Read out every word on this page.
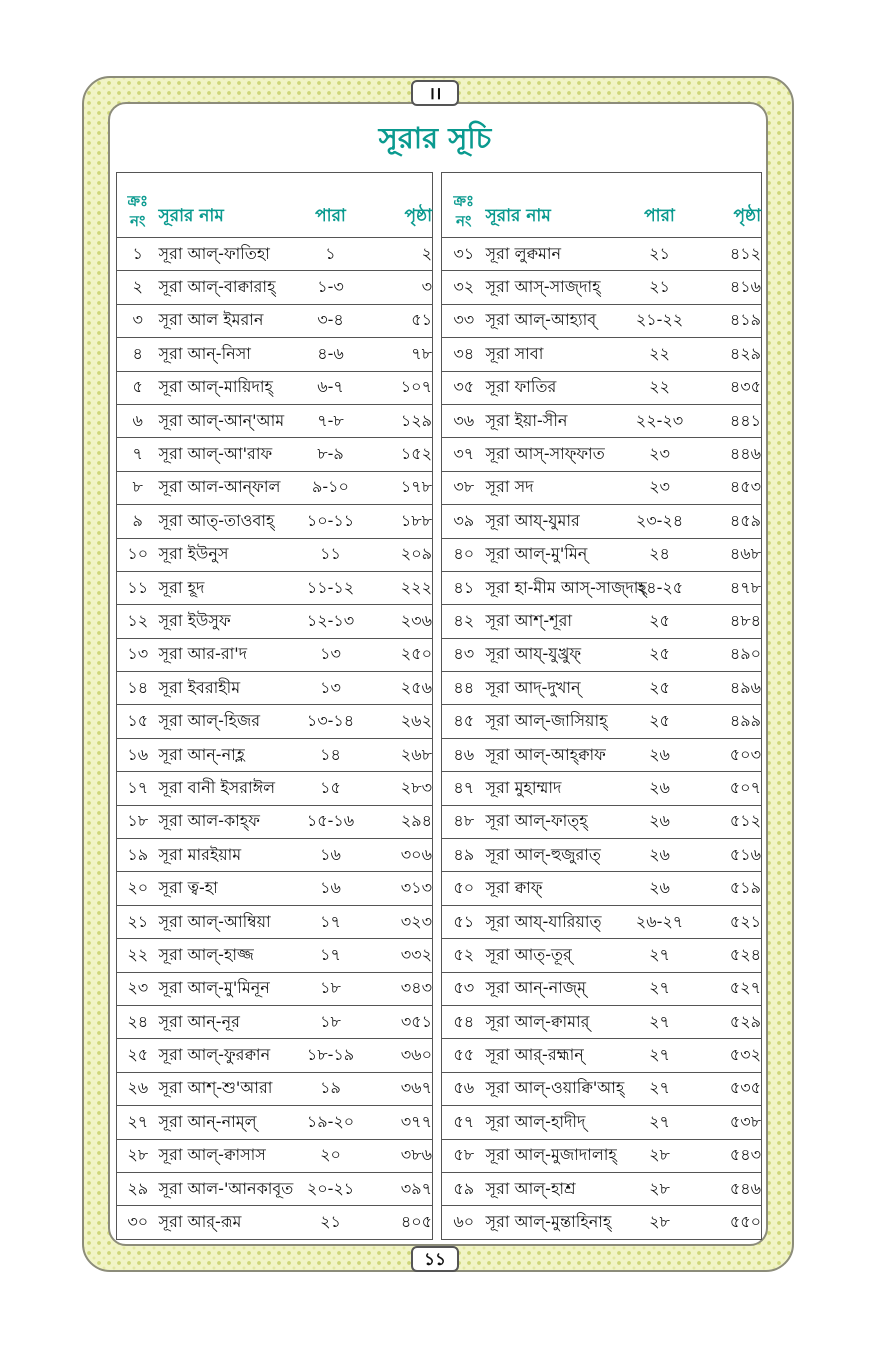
।।
সূরার সূচি
ক্রঃ
নং	সূরার নাম	পারা	পৃষ্ঠা
১	সূরা আল্-ফাতিহা	১	২
২	সূরা আল্-বাক্বারাহ্	১-৩	৩
৩	সূরা আল ইমরান	৩-৪	৫১
৪	সূরা আন্-নিসা	৪-৬	৭৮
৫	সূরা আল্-মায়িদাহ্	৬-৭	১০৭
৬	সূরা আল্-আন্'আম	৭-৮	১২৯
৭	সূরা আল্-আ'রাফ	৮-৯	১৫২
৮	সূরা আল-আন্ফাল	৯-১০	১৭৮
৯	সূরা আত্-তাওবাহ্	১০-১১	১৮৮
১০	সূরা ইউনুস	১১	২০৯
১১	সূরা হূদ	১১-১২	২২২
১২	সূরা ইউসুফ	১২-১৩	২৩৬
১৩	সূরা আর-রা'দ	১৩	২৫০
১৪	সূরা ইবরাহীম	১৩	২৫৬
১৫	সূরা আল্-হিজর	১৩-১৪	২৬২
১৬	সূরা আন্-নাহ্ল	১৪	২৬৮
১৭	সূরা বানী ইসরাঈল	১৫	২৮৩
১৮	সূরা আল-কাহ্ফ	১৫-১৬	২৯৪
১৯	সূরা মারইয়াম	১৬	৩০৬
২০	সূরা ত্ব-হা	১৬	৩১৩
২১	সূরা আল্-আম্বিয়া	১৭	৩২৩
২২	সূরা আল্-হাজ্জ	১৭	৩৩২
২৩	সূরা আল্-মু'মিনূন	১৮	৩৪৩
২৪	সূরা আন্-নূর	১৮	৩৫১
২৫	সূরা আল্-ফুরক্বান	১৮-১৯	৩৬০
২৬	সূরা আশ্-শু'আরা	১৯	৩৬৭
২৭	সূরা আন্-নাম্ল্	১৯-২০	৩৭৭
২৮	সূরা আল্-ক্বাসাস	২০	৩৮৬
২৯	সূরা আল-'আনকাবূত	২০-২১	৩৯৭
৩০	সূরা আর্-রূম	২১	৪০৫
ক্রঃ
নং	সূরার নাম	পারা	পৃষ্ঠা
৩১	সূরা লুক্বমান	২১	৪১২
৩২	সূরা আস্-সাজ্দাহ্	২১	৪১৬
৩৩	সূরা আল্-আহ্যাব্	২১-২২	৪১৯
৩৪	সূরা সাবা	২২	৪২৯
৩৫	সূরা ফাতির	২২	৪৩৫
৩৬	সূরা ইয়া-সীন	২২-২৩	৪৪১
৩৭	সূরা আস্-সাফ্ফাত	২৩	৪৪৬
৩৮	সূরা সদ	২৩	৪৫৩
৩৯	সূরা আয্-যুমার	২৩-২৪	৪৫৯
৪০	সূরা আল্-মু'মিন্	২৪	৪৬৮
৪১	সূরা হা-মীম আস্-সাজ্দাহ্	২৪-২৫	৪৭৮
৪২	সূরা আশ্-শূরা	২৫	৪৮৪
৪৩	সূরা আয্-যুখ্রুফ্	২৫	৪৯০
৪৪	সূরা আদ্-দুখান্	২৫	৪৯৬
৪৫	সূরা আল্-জাসিয়াহ্	২৫	৪৯৯
৪৬	সূরা আল্-আহ্ক্বাফ	২৬	৫০৩
৪৭	সূরা মুহাম্মাদ	২৬	৫০৭
৪৮	সূরা আল্-ফাত্হ্	২৬	৫১২
৪৯	সূরা আল্-হুজুরাত্	২৬	৫১৬
৫০	সূরা ক্বাফ্	২৬	৫১৯
৫১	সূরা আয্-যারিয়াত্	২৬-২৭	৫২১
৫২	সূরা আত্-তূর্	২৭	৫২৪
৫৩	সূরা আন্-নাজ্ম্	২৭	৫২৭
৫৪	সূরা আল্-ক্বামার্	২৭	৫২৯
৫৫	সূরা আর্-রহ্মান্	২৭	৫৩২
৫৬	সূরা আল্-ওয়াক্বি'আহ্	২৭	৫৩৫
৫৭	সূরা আল্-হাদীদ্	২৭	৫৩৮
৫৮	সূরা আল্-মুজাদালাহ্	২৮	৫৪৩
৫৯	সূরা আল্-হাশ্র	২৮	৫৪৬
৬০	সূরা আল্-মুম্তাহিনাহ্	২৮	৫৫০
১১
